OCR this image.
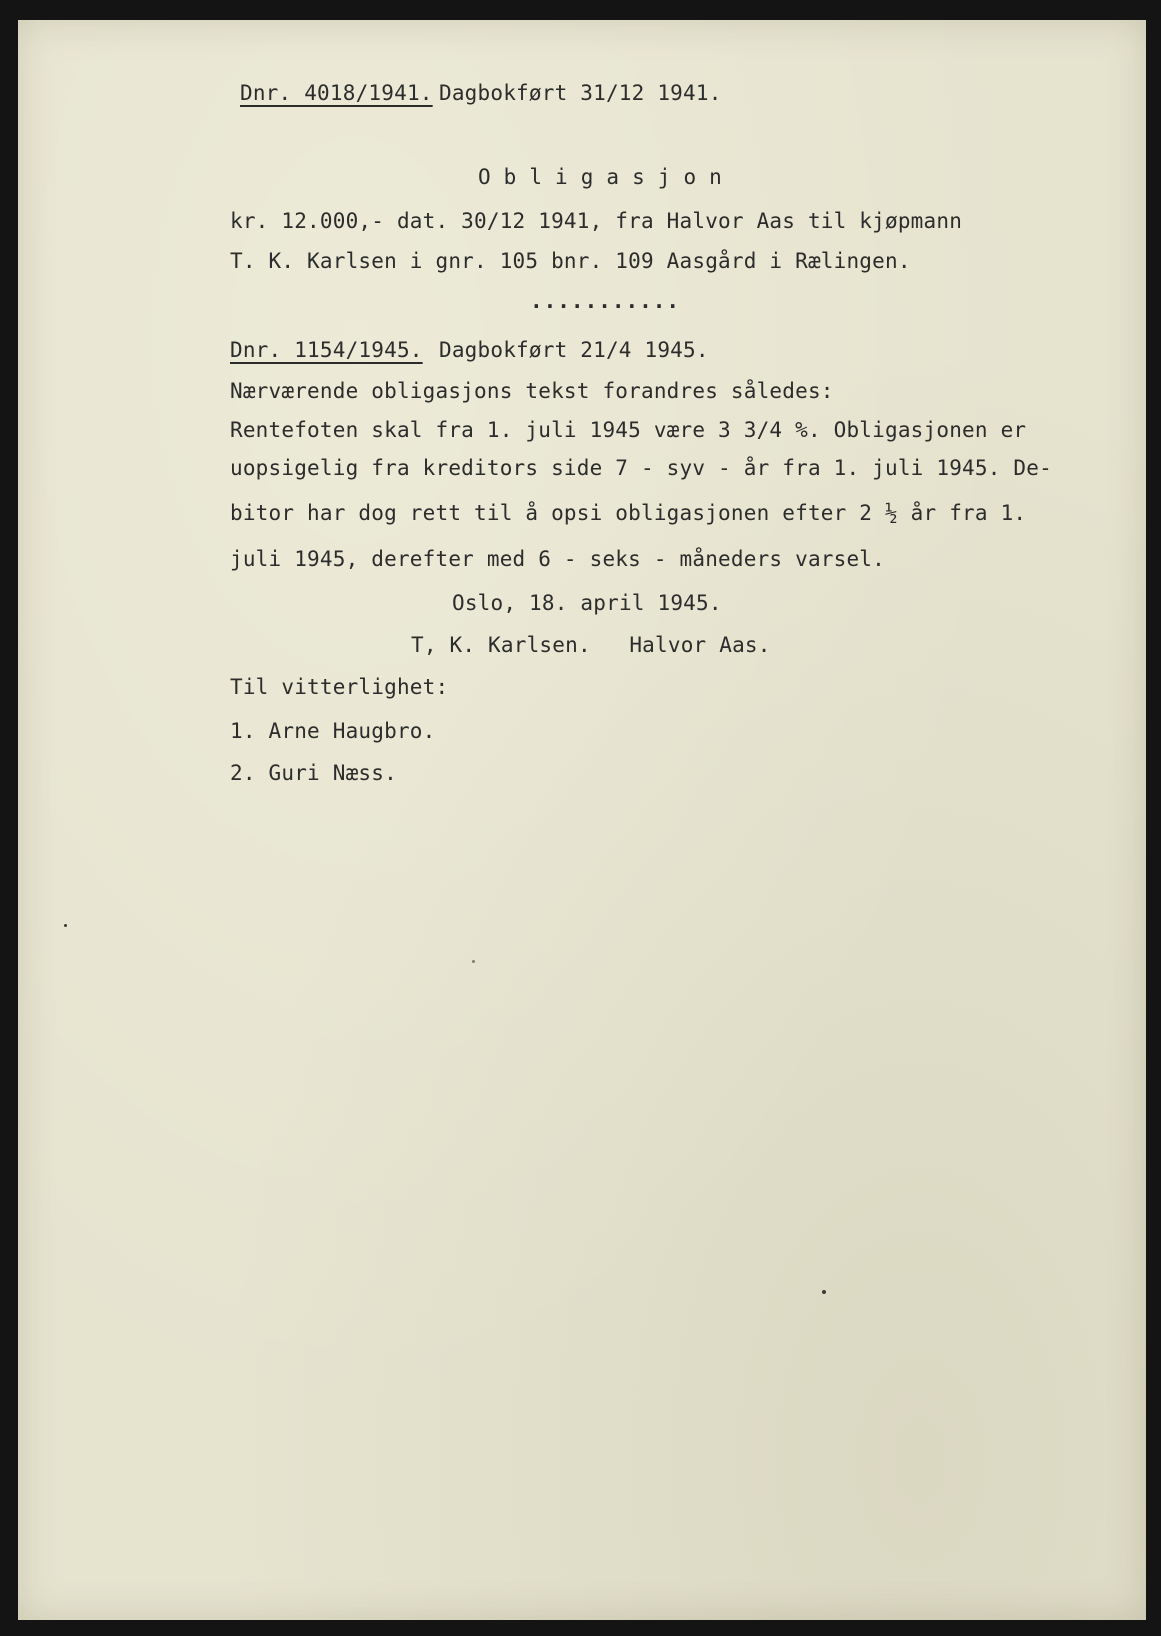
Dnr. 4018/1941. Dagbokført 31/12 1941.
O b l i g a s j o n
kr. 12.000,- dat. 30/12 1941, fra Halvor Aas til kjøpmann
T. K. Karlsen i gnr. 105 bnr. 109 Aasgård i Rælingen.
...........
Dnr. 1154/1945. Dagbokført 21/4 1945.
Nærværende obligasjons tekst forandres således:
Rentefoten skal fra 1. juli 1945 være 3 3/4 %. Obligasjonen er
uopsigelig fra kreditors side 7 - syv - år fra 1. juli 1945. De-
bitor har dog rett til å opsi obligasjonen efter 2 ½ år fra 1.
juli 1945, derefter med 6 - seks - måneders varsel.
Oslo, 18. april 1945.
T, K. Karlsen.   Halvor Aas.
Til vitterlighet:
1. Arne Haugbro.
2. Guri Næss.
